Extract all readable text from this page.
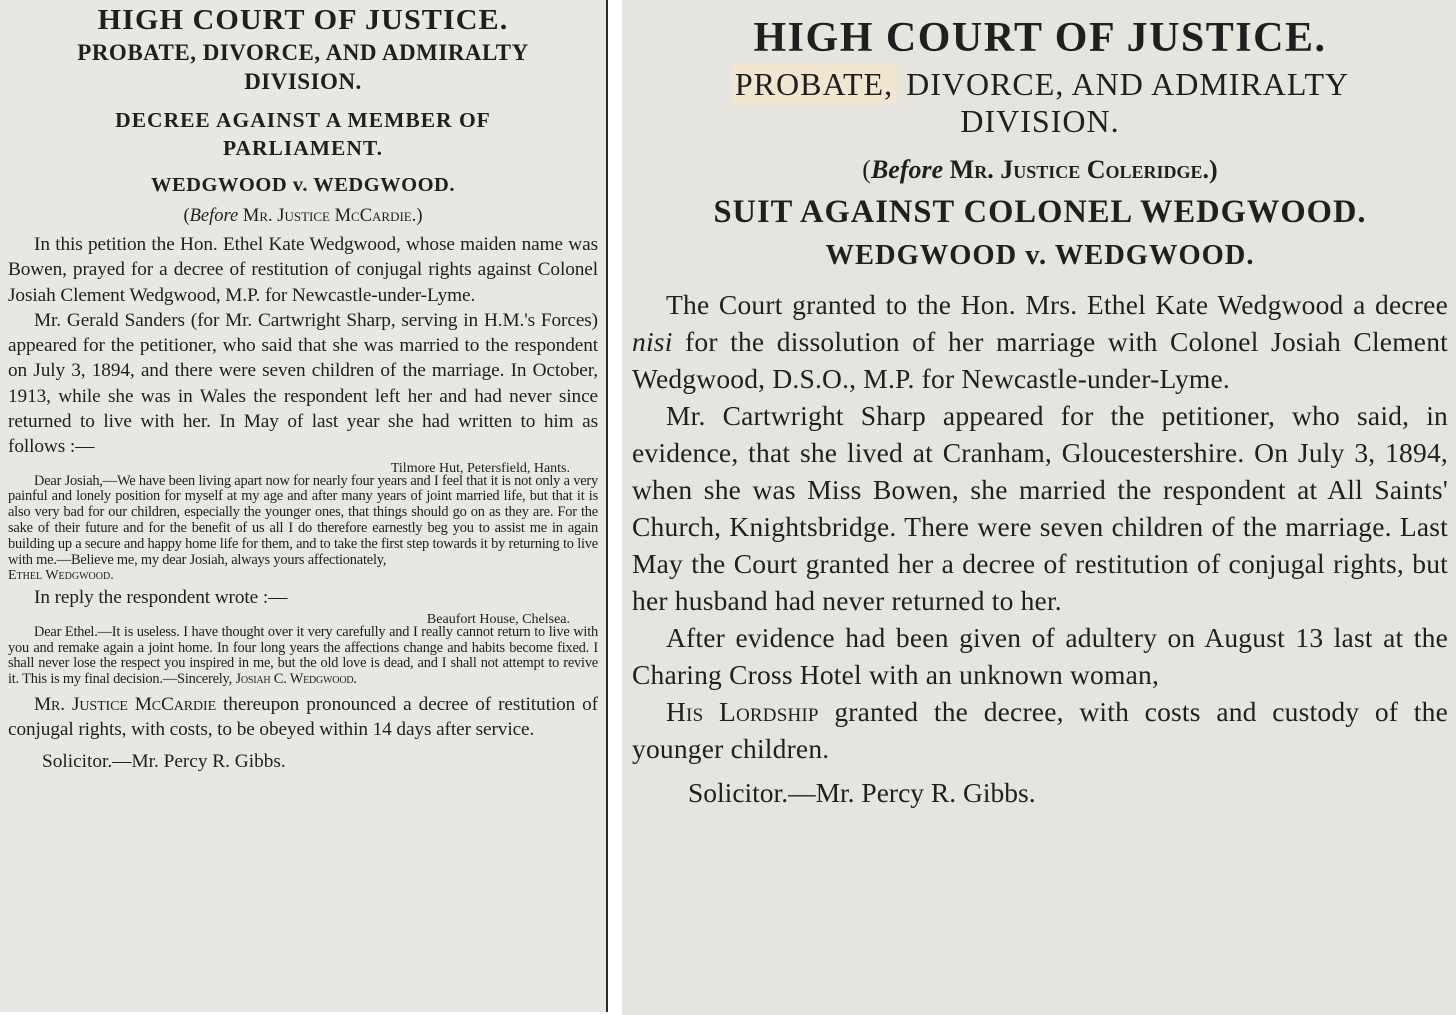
HIGH COURT OF JUSTICE.

PROBATE, DIVORCE, AND ADMIRALTY

DIVISION.

DECREE AGAINST A MEMBER OF

PARLIAMENT.

WEDGWOOD v. WEDGWOOD.

(Before Mr. Justice McCardie.)

In this petition the Hon. Ethel Kate Wedgwood, whose maiden name was Bowen, prayed for a decree of restitution of conjugal rights against Colonel Josiah Clement Wedgwood, M.P. for Newcastle-under-Lyme.

Mr. Gerald Sanders (for Mr. Cartwright Sharp, serving in H.M.'s Forces) appeared for the petitioner, who said that she was married to the respondent on July 3, 1894, and there were seven children of the marriage. In October, 1913, while she was in Wales the respondent left her and had never since returned to live with her. In May of last year she had written to him as follows :—

Tilmore Hut, Petersfield, Hants.

Dear Josiah,—We have been living apart now for nearly four years and I feel that it is not only a very painful and lonely position for myself at my age and after many years of joint married life, but that it is also very bad for our children, especially the younger ones, that things should go on as they are. For the sake of their future and for the benefit of us all I do therefore earnestly beg you to assist me in again building up a secure and happy home life for them, and to take the first step towards it by returning to live with me.—Believe me, my dear Josiah, always yours affectionately,

Ethel Wedgwood.

In reply the respondent wrote :—

Beaufort House, Chelsea.

Dear Ethel.—It is useless. I have thought over it very carefully and I really cannot return to live with you and remake again a joint home. In four long years the affections change and habits become fixed. I shall never lose the respect you inspired in me, but the old love is dead, and I shall not attempt to revive it. This is my final decision.—Sincerely, Josiah C. Wedgwood.

Mr. Justice McCardie thereupon pronounced a decree of restitution of conjugal rights, with costs, to be obeyed within 14 days after service.

Solicitor.—Mr. Percy R. Gibbs.

HIGH COURT OF JUSTICE.

PROBATE, DIVORCE, AND ADMIRALTY

DIVISION.

(Before Mr. Justice Coleridge.)

SUIT AGAINST COLONEL WEDGWOOD.

WEDGWOOD v. WEDGWOOD.

The Court granted to the Hon. Mrs. Ethel Kate Wedgwood a decree nisi for the dissolution of her marriage with Colonel Josiah Clement Wedgwood, D.S.O., M.P. for Newcastle-under-Lyme.

Mr. Cartwright Sharp appeared for the petitioner, who said, in evidence, that she lived at Cranham, Gloucestershire. On July 3, 1894, when she was Miss Bowen, she married the respondent at All Saints' Church, Knightsbridge. There were seven children of the marriage. Last May the Court granted her a decree of restitution of conjugal rights, but her husband had never returned to her.

After evidence had been given of adultery on August 13 last at the Charing Cross Hotel with an unknown woman,

His Lordship granted the decree, with costs and custody of the younger children.

Solicitor.—Mr. Percy R. Gibbs.
